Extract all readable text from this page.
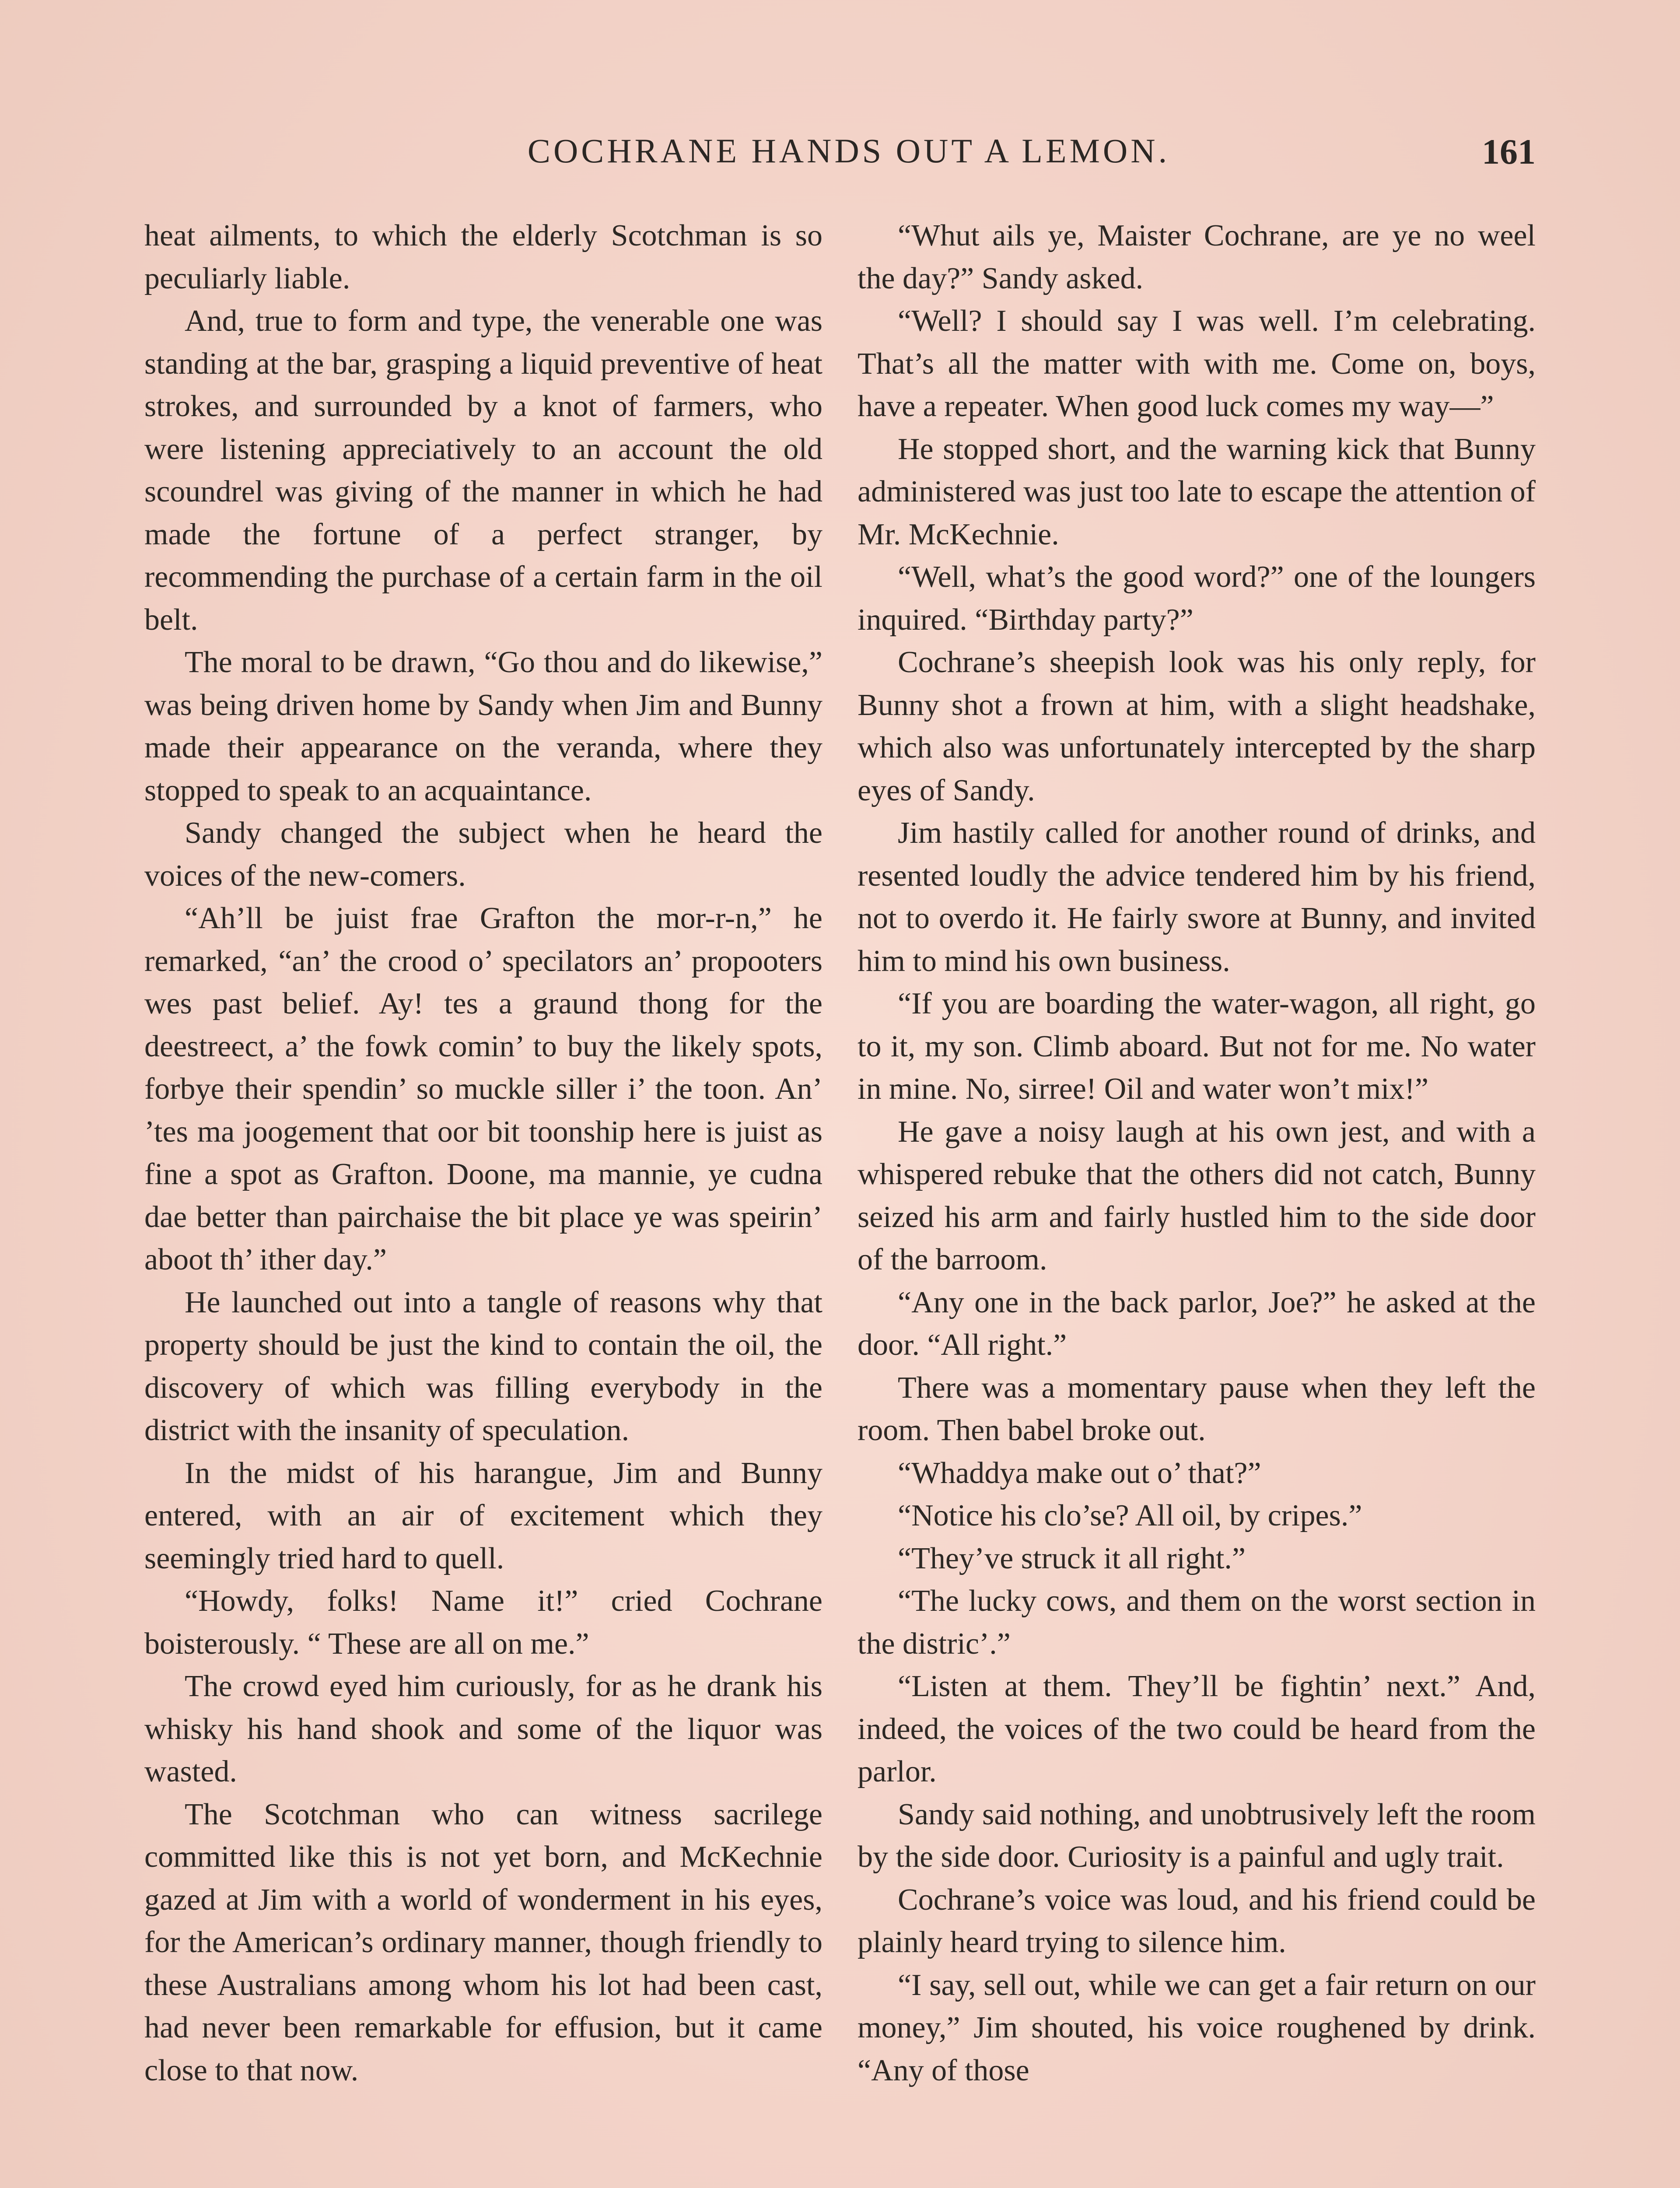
COCHRANE HANDS OUT A LEMON.	161

heat ailments, to which the elderly Scotchman is so peculiarly liable.

And, true to form and type, the venerable one was standing at the bar, grasping a liquid preventive of heat strokes, and surrounded by a knot of farmers, who were listening appreciatively to an account the old scoundrel was giving of the manner in which he had made the fortune of a perfect stranger, by recommending the purchase of a certain farm in the oil belt.

The moral to be drawn, “Go thou and do likewise,” was being driven home by Sandy when Jim and Bunny made their appearance on the veranda, where they stopped to speak to an acquaintance.

Sandy changed the subject when he heard the voices of the new-comers.

“Ah’ll be juist frae Grafton the mor-r-n,” he remarked, “an’ the crood o’ specilators an’ propooters wes past belief. Ay! tes a graund thong for the deestreect, a’ the fowk comin’ to buy the likely spots, forbye their spendin’ so muckle siller i’ the toon. An’ ’tes ma joogement that oor bit toonship here is juist as fine a spot as Grafton. Doone, ma mannie, ye cudna dae better than pairchaise the bit place ye was speirin’ aboot th’ ither day.”

He launched out into a tangle of reasons why that property should be just the kind to contain the oil, the discovery of which was filling everybody in the district with the insanity of speculation.

In the midst of his harangue, Jim and Bunny entered, with an air of excitement which they seemingly tried hard to quell.

“Howdy, folks! Name it!” cried Cochrane boisterously. “ These are all on me.”

The crowd eyed him curiously, for as he drank his whisky his hand shook and some of the liquor was wasted.

The Scotchman who can witness sacrilege committed like this is not yet born, and McKechnie gazed at Jim with a world of wonderment in his eyes, for the American’s ordinary manner, though friendly to these Australians among whom his lot had been cast, had never been remarkable for effusion, but it came close to that now.

“Whut ails ye, Maister Cochrane, are ye no weel the day?” Sandy asked.

“Well? I should say I was well. I’m celebrating. That’s all the matter with with me. Come on, boys, have a repeater. When good luck comes my way—”

He stopped short, and the warning kick that Bunny administered was just too late to escape the attention of Mr. McKechnie.

“Well, what’s the good word?” one of the loungers inquired. “Birthday party?”

Cochrane’s sheepish look was his only reply, for Bunny shot a frown at him, with a slight headshake, which also was unfortunately intercepted by the sharp eyes of Sandy.

Jim hastily called for another round of drinks, and resented loudly the advice tendered him by his friend, not to overdo it. He fairly swore at Bunny, and invited him to mind his own business.

“If you are boarding the water-wagon, all right, go to it, my son. Climb aboard. But not for me. No water in mine. No, sirree! Oil and water won’t mix!”

He gave a noisy laugh at his own jest, and with a whispered rebuke that the others did not catch, Bunny seized his arm and fairly hustled him to the side door of the barroom.

“Any one in the back parlor, Joe?” he asked at the door. “All right.”

There was a momentary pause when they left the room. Then babel broke out.

“Whaddya make out o’ that?”

“Notice his clo’se? All oil, by cripes.”

“They’ve struck it all right.”

“The lucky cows, and them on the worst section in the distric’.”

“Listen at them. They’ll be fightin’ next.” And, indeed, the voices of the two could be heard from the parlor.

Sandy said nothing, and unobtrusively left the room by the side door. Curiosity is a painful and ugly trait.

Cochrane’s voice was loud, and his friend could be plainly heard trying to silence him.

“I say, sell out, while we can get a fair return on our money,” Jim shouted, his voice roughened by drink. “Any of those
